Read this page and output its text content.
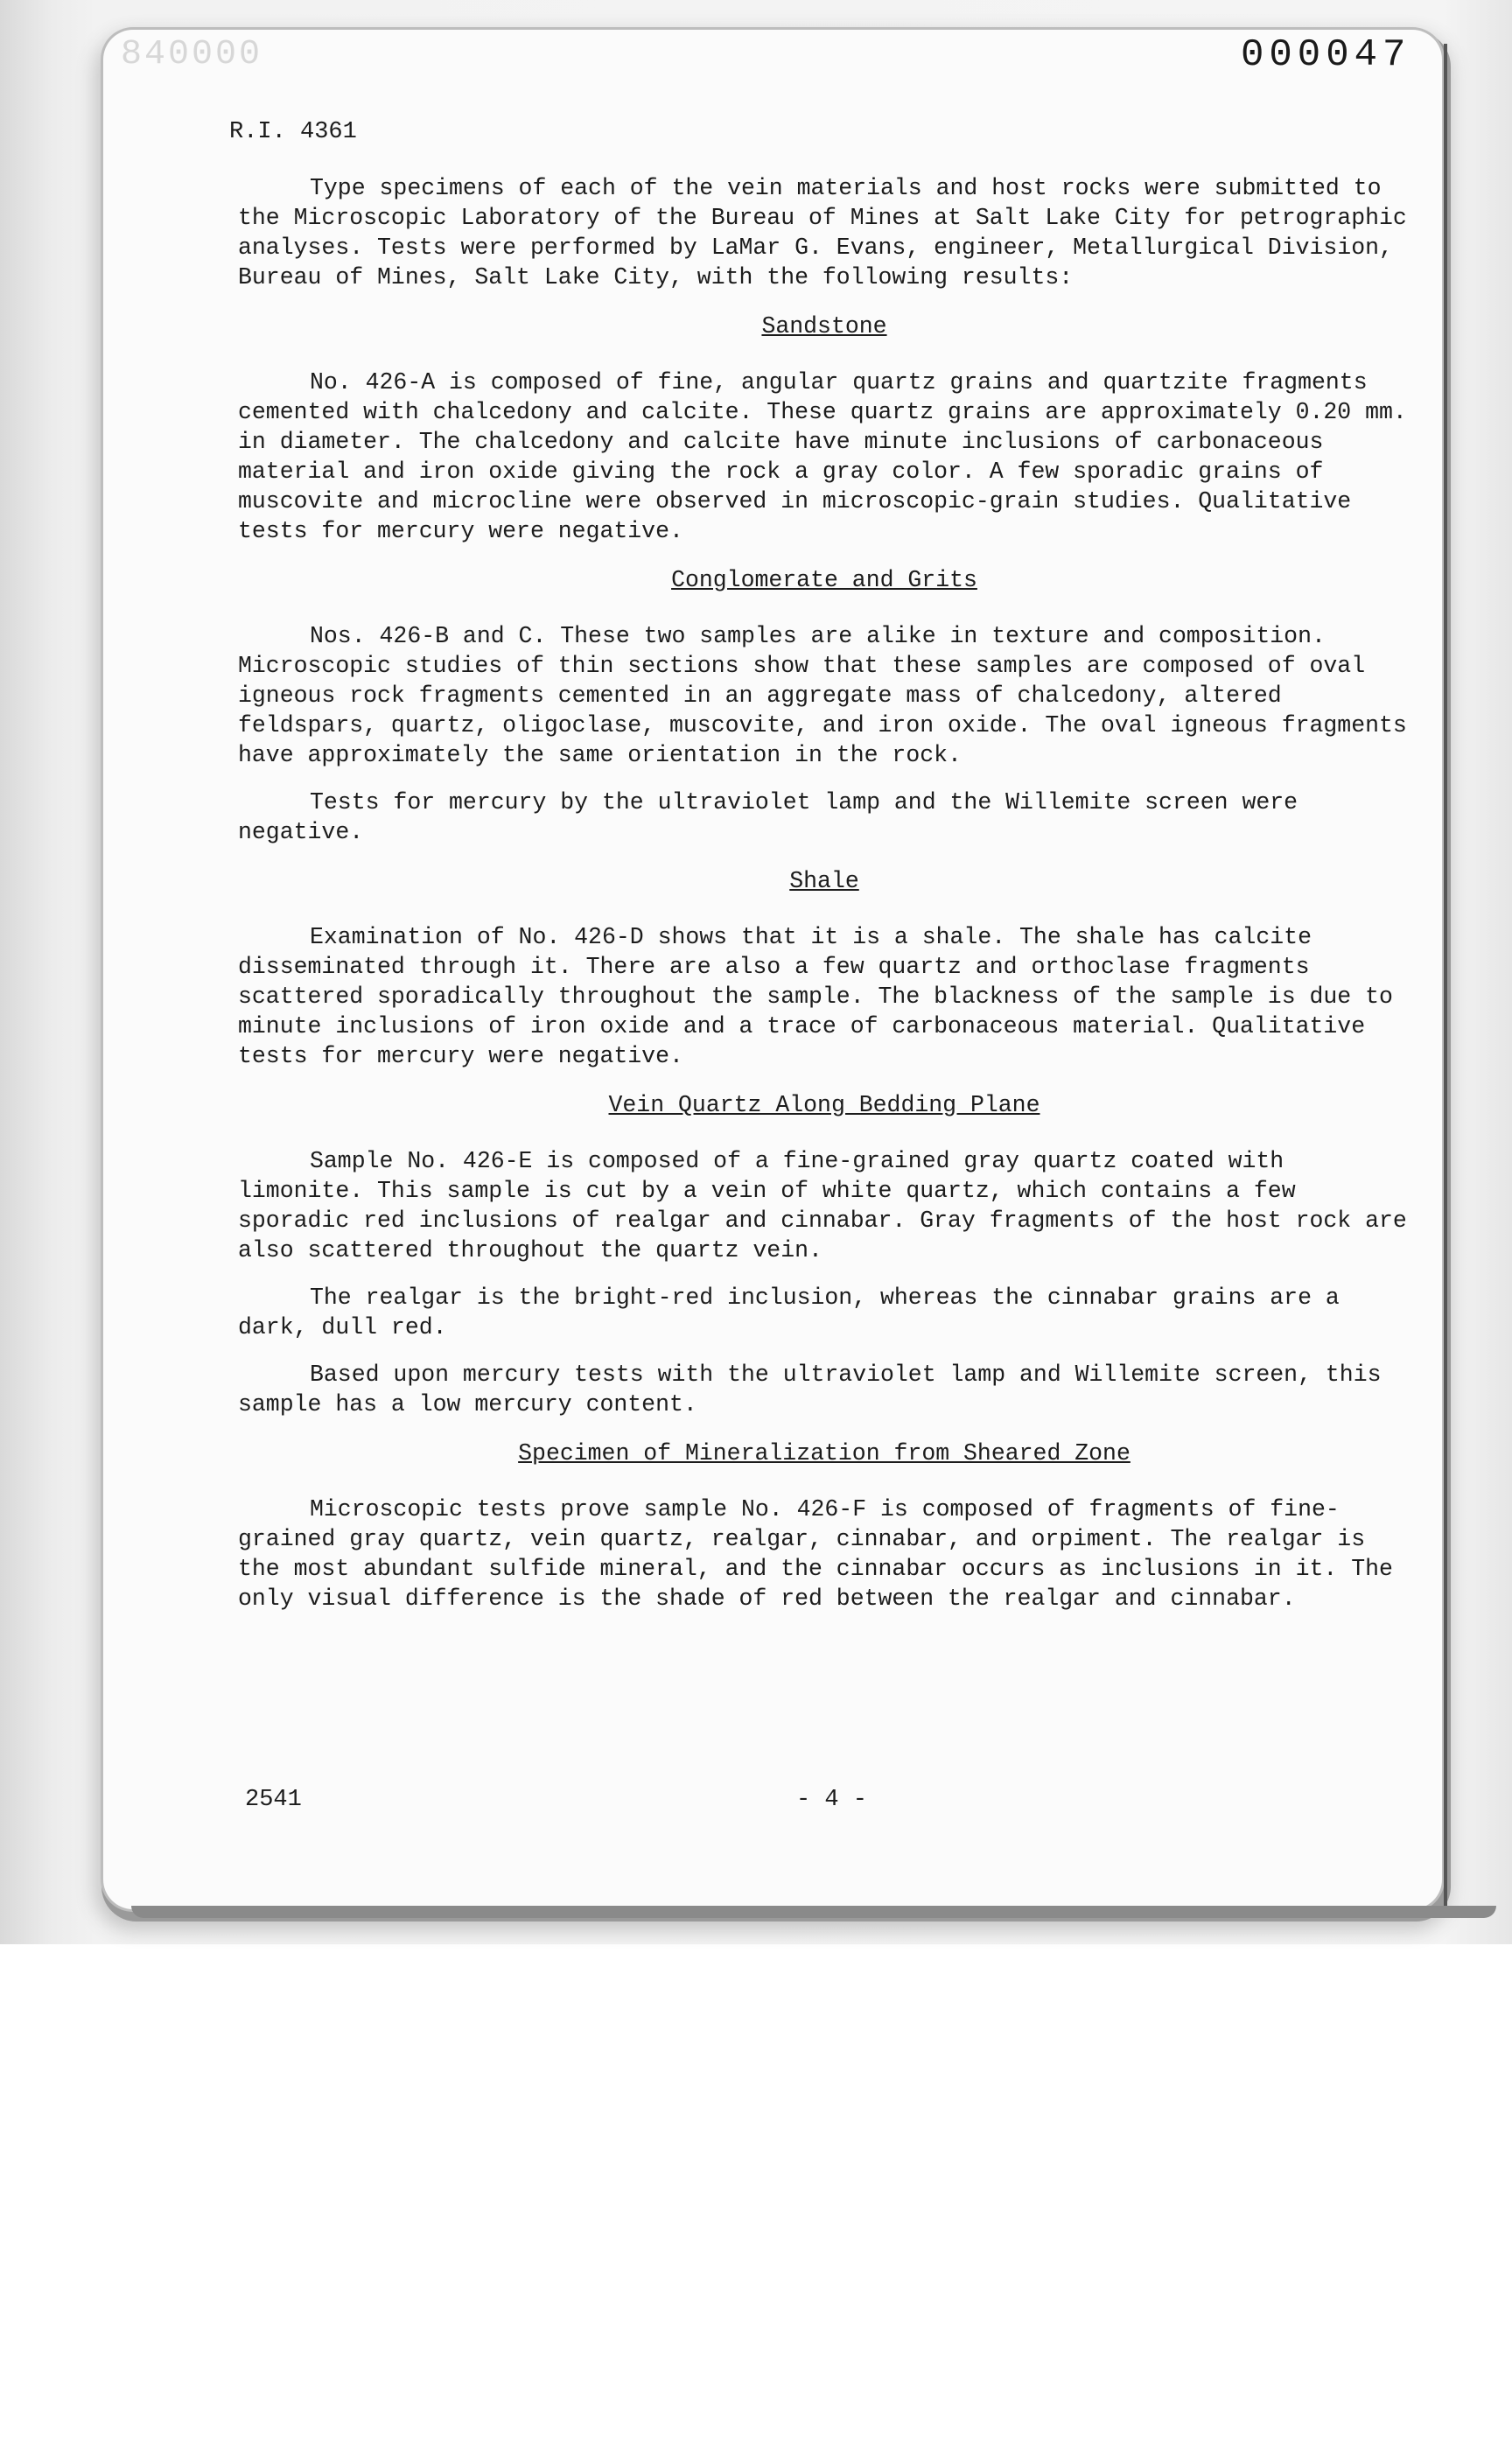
840000	000047
R.I. 4361

Type specimens of each of the vein materials and host rocks were submitted to the Microscopic Laboratory of the Bureau of Mines at Salt Lake City for petrographic analyses. Tests were performed by LaMar G. Evans, engineer, Metallurgical Division, Bureau of Mines, Salt Lake City, with the following results:

Sandstone

No. 426-A is composed of fine, angular quartz grains and quartzite fragments cemented with chalcedony and calcite. These quartz grains are approximately 0.20 mm. in diameter. The chalcedony and calcite have minute inclusions of carbonaceous material and iron oxide giving the rock a gray color. A few sporadic grains of muscovite and microcline were observed in microscopic-grain studies. Qualitative tests for mercury were negative.

Conglomerate and Grits

Nos. 426-B and C. These two samples are alike in texture and composition. Microscopic studies of thin sections show that these samples are composed of oval igneous rock fragments cemented in an aggregate mass of chalcedony, altered feldspars, quartz, oligoclase, muscovite, and iron oxide. The oval igneous fragments have approximately the same orientation in the rock.

Tests for mercury by the ultraviolet lamp and the Willemite screen were negative.

Shale

Examination of No. 426-D shows that it is a shale. The shale has calcite disseminated through it. There are also a few quartz and orthoclase fragments scattered sporadically throughout the sample. The blackness of the sample is due to minute inclusions of iron oxide and a trace of carbonaceous material. Qualitative tests for mercury were negative.

Vein Quartz Along Bedding Plane

Sample No. 426-E is composed of a fine-grained gray quartz coated with limonite. This sample is cut by a vein of white quartz, which contains a few sporadic red inclusions of realgar and cinnabar. Gray fragments of the host rock are also scattered throughout the quartz vein.

The realgar is the bright-red inclusion, whereas the cinnabar grains are a dark, dull red.

Based upon mercury tests with the ultraviolet lamp and Willemite screen, this sample has a low mercury content.

Specimen of Mineralization from Sheared Zone

Microscopic tests prove sample No. 426-F is composed of fragments of fine-grained gray quartz, vein quartz, realgar, cinnabar, and orpiment. The realgar is the most abundant sulfide mineral, and the cinnabar occurs as inclusions in it. The only visual difference is the shade of red between the realgar and cinnabar.

2541	- 4 -
